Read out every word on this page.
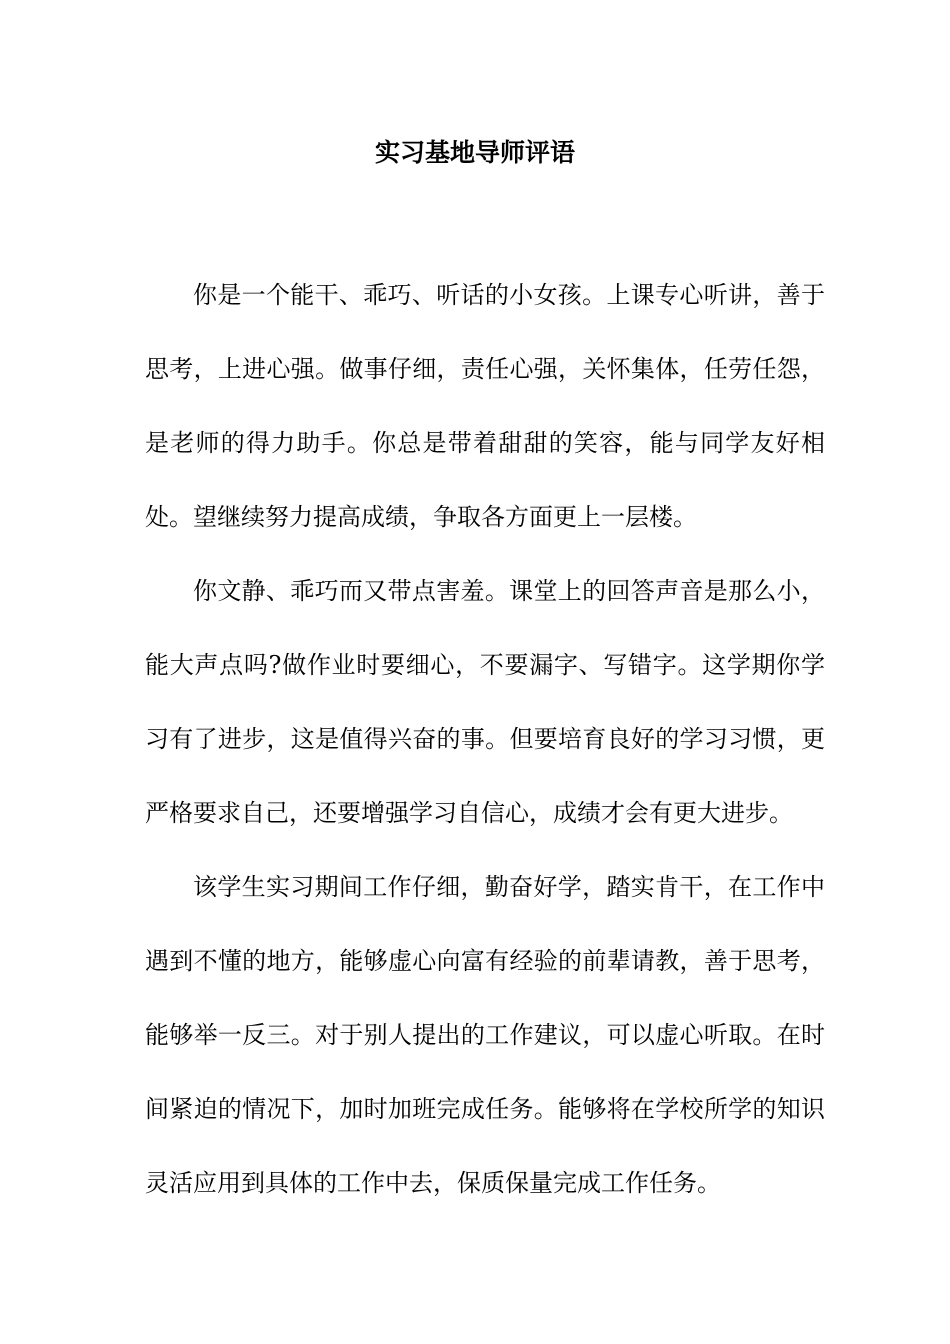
实习基地导师评语

你是一个能干、乖巧、听话的小女孩。上课专心听讲，善于思考，上进心强。做事仔细，责任心强，关怀集体，任劳任怨，是老师的得力助手。你总是带着甜甜的笑容，能与同学友好相处。望继续努力提高成绩，争取各方面更上一层楼。

你文静、乖巧而又带点害羞。课堂上的回答声音是那么小，能大声点吗?做作业时要细心，不要漏字、写错字。这学期你学习有了进步，这是值得兴奋的事。但要培育良好的学习习惯，更严格要求自己，还要增强学习自信心，成绩才会有更大进步。

该学生实习期间工作仔细，勤奋好学，踏实肯干，在工作中遇到不懂的地方，能够虚心向富有经验的前辈请教，善于思考，能够举一反三。对于别人提出的工作建议，可以虚心听取。在时间紧迫的情况下，加时加班完成任务。能够将在学校所学的知识灵活应用到具体的工作中去，保质保量完成工作任务。
